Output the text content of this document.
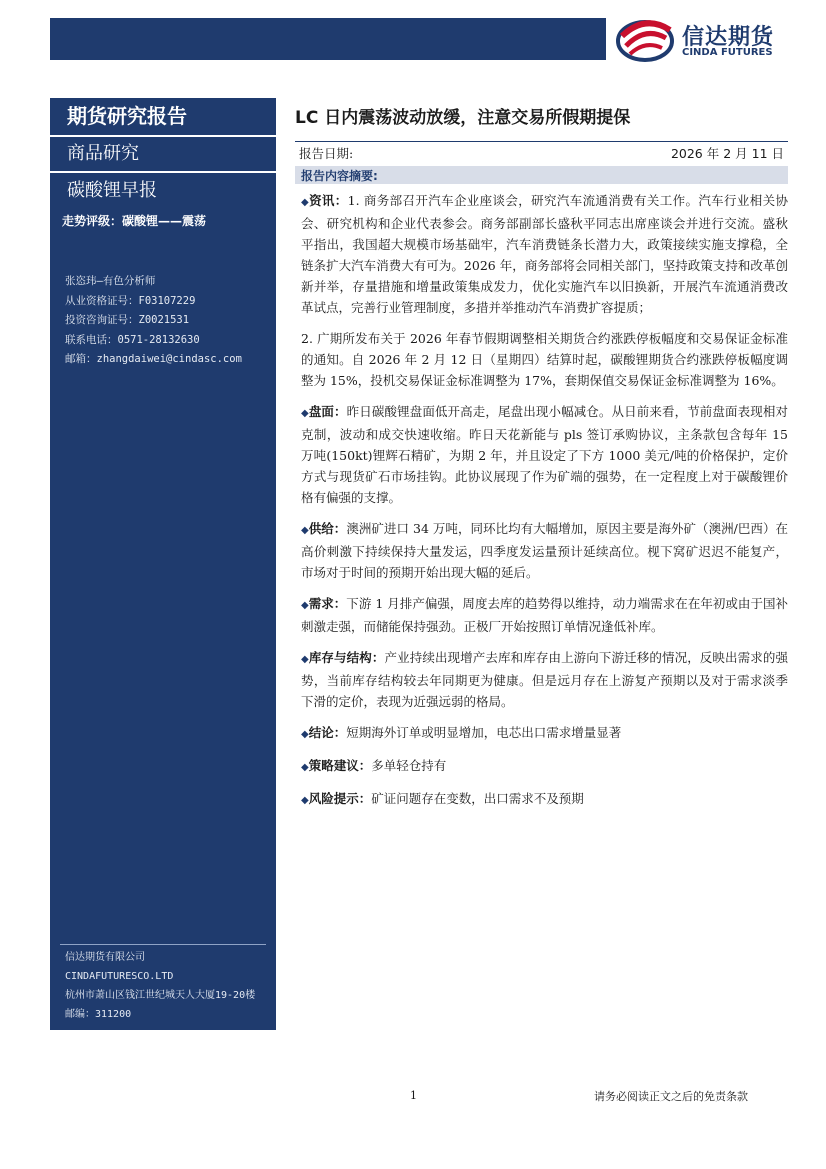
信达期货
CINDA FUTURES
期货研究报告
商品研究
碳酸锂早报
走势评级：碳酸锂——震荡
张恣玮—有色分析师
从业资格证号：F03107229
投资咨询证号：Z0021531
联系电话：0571-28132630
邮箱：zhangdaiwei@cindasc.com
信达期货有限公司
CINDAFUTURESCO.LTD
杭州市萧山区钱江世纪城天人大厦19-20楼
邮编：311200
LC 日内震荡波动放缓，注意交易所假期提保
报告日期:	2026 年 2 月 11 日
报告内容摘要:

◆资讯：1. 商务部召开汽车企业座谈会，研究汽车流通消费有关工作。汽车行业相关协会、研究机构和企业代表参会。商务部副部长盛秋平同志出席座谈会并进行交流。盛秋平指出，我国超大规模市场基础牢，汽车消费链条长潜力大，政策接续实施支撑稳，全链条扩大汽车消费大有可为。2026 年，商务部将会同相关部门，坚持政策支持和改革创新并举，存量措施和增量政策集成发力，优化实施汽车以旧换新，开展汽车流通消费改革试点，完善行业管理制度，多措并举推动汽车消费扩容提质；

2. 广期所发布关于 2026 年春节假期调整相关期货合约涨跌停板幅度和交易保证金标准的通知。自 2026 年 2 月 12 日（星期四）结算时起，碳酸锂期货合约涨跌停板幅度调整为 15%，投机交易保证金标准调整为 17%，套期保值交易保证金标准调整为 16%。

◆盘面：昨日碳酸锂盘面低开高走，尾盘出现小幅减仓。从日前来看，节前盘面表现相对克制，波动和成交快速收缩。昨日天花新能与 pls 签订承购协议，主条款包含每年 15 万吨(150kt)锂辉石精矿，为期 2 年，并且设定了下方 1000 美元/吨的价格保护，定价方式与现货矿石市场挂钩。此协议展现了作为矿端的强势，在一定程度上对于碳酸锂价格有偏强的支撑。

◆供给：澳洲矿进口 34 万吨，同环比均有大幅增加，原因主要是海外矿（澳洲/巴西）在高价刺激下持续保持大量发运，四季度发运量预计延续高位。枧下窝矿迟迟不能复产，市场对于时间的预期开始出现大幅的延后。

◆需求：下游 1 月排产偏强，周度去库的趋势得以维持，动力端需求在在年初或由于国补刺激走强，而储能保持强劲。正极厂开始按照订单情况逢低补库。

◆库存与结构：产业持续出现增产去库和库存由上游向下游迁移的情况，反映出需求的强势，当前库存结构较去年同期更为健康。但是远月存在上游复产预期以及对于需求淡季下滑的定价，表现为近强远弱的格局。

◆结论：短期海外订单或明显增加，电芯出口需求增量显著

◆策略建议：多单轻仓持有

◆风险提示：矿证问题存在变数，出口需求不及预期

1	请务必阅读正文之后的免责条款
